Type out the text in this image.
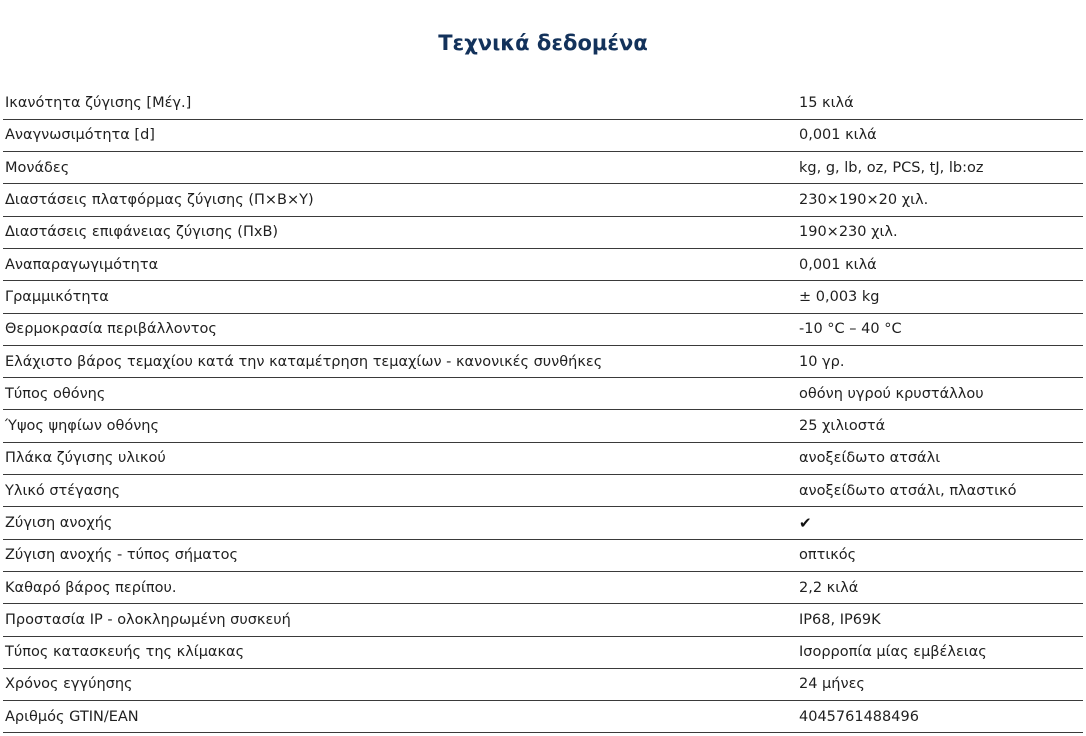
Τεχνικά δεδομένα
Ικανότητα ζύγισης [Μέγ.]	15 κιλά
Αναγνωσιμότητα [d]	0,001 κιλά
Μονάδες	kg, g, lb, oz, PCS, tJ, lb:oz
Διαστάσεις πλατφόρμας ζύγισης (Π×Β×Υ)	230×190×20 χιλ.
Διαστάσεις επιφάνειας ζύγισης (ΠxΒ)	190×230 χιλ.
Αναπαραγωγιμότητα	0,001 κιλά
Γραμμικότητα	± 0,003 kg
Θερμοκρασία περιβάλλοντος	-10 °C – 40 °C
Ελάχιστο βάρος τεμαχίου κατά την καταμέτρηση τεμαχίων - κανονικές συνθήκες	10 γρ.
Τύπος οθόνης	οθόνη υγρού κρυστάλλου
Ύψος ψηφίων οθόνης	25 χιλιοστά
Πλάκα ζύγισης υλικού	ανοξείδωτο ατσάλι
Υλικό στέγασης	ανοξείδωτο ατσάλι, πλαστικό
Ζύγιση ανοχής	✔
Ζύγιση ανοχής - τύπος σήματος	οπτικός
Καθαρό βάρος περίπου.	2,2 κιλά
Προστασία IP - ολοκληρωμένη συσκευή	IP68, IP69K
Τύπος κατασκευής της κλίμακας	Ισορροπία μίας εμβέλειας
Χρόνος εγγύησης	24 μήνες
Αριθμός GTIN/EAN	4045761488496
